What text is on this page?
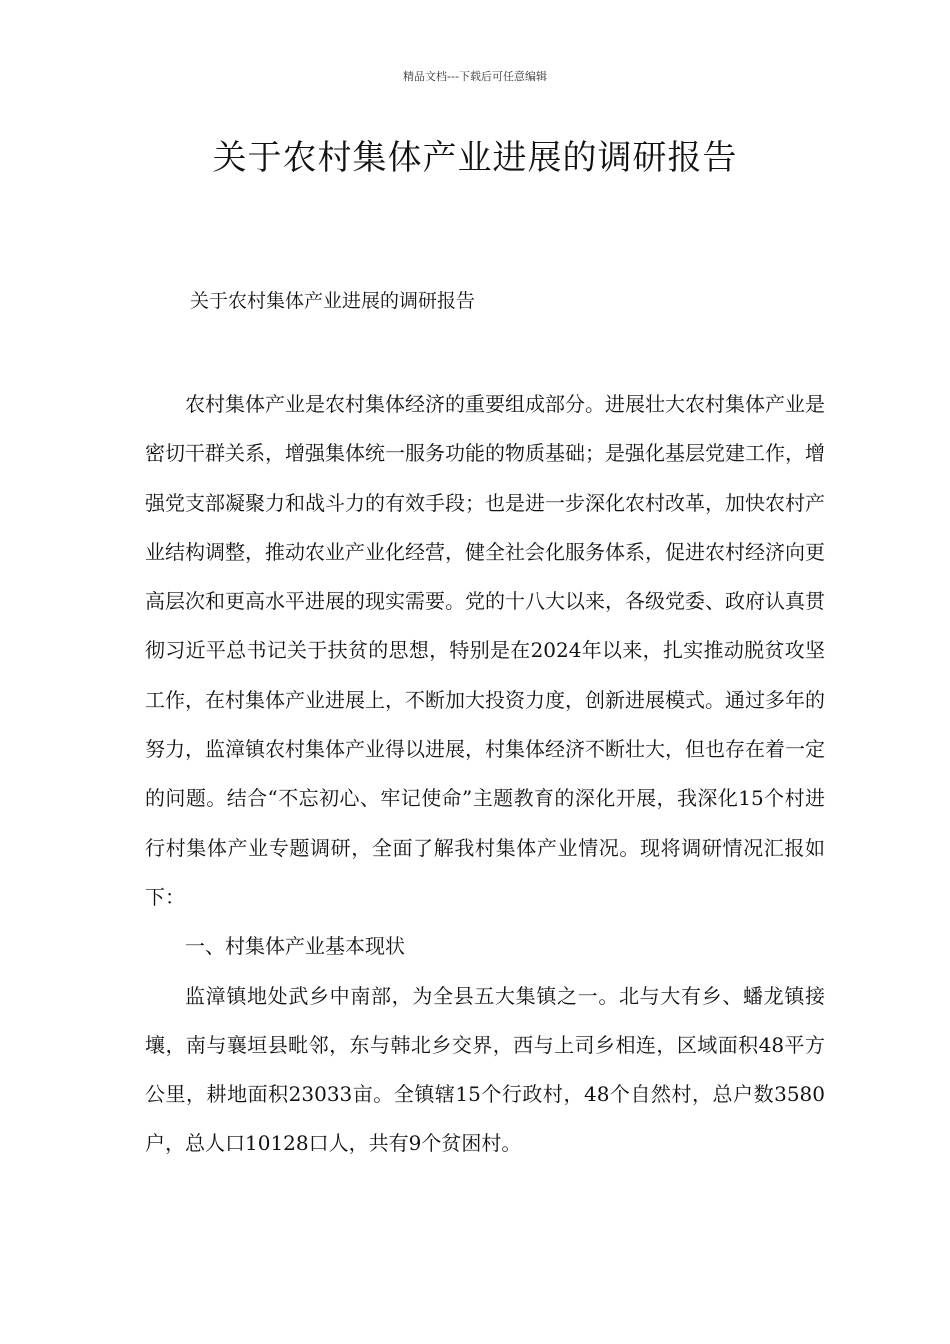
精品文档---下载后可任意编辑
关于农村集体产业进展的调研报告

关于农村集体产业进展的调研报告

农村集体产业是农村集体经济的重要组成部分。进展壮大农村集体产业是密切干群关系，增强集体统一服务功能的物质基础；是强化基层党建工作，增强党支部凝聚力和战斗力的有效手段；也是进一步深化农村改革，加快农村产业结构调整，推动农业产业化经营，健全社会化服务体系，促进农村经济向更高层次和更高水平进展的现实需要。党的十八大以来，各级党委、政府认真贯彻习近平总书记关于扶贫的思想，特别是在2024年以来，扎实推动脱贫攻坚工作，在村集体产业进展上，不断加大投资力度，创新进展模式。通过多年的努力，监漳镇农村集体产业得以进展，村集体经济不断壮大，但也存在着一定的问题。结合“不忘初心、牢记使命”主题教育的深化开展，我深化15个村进行村集体产业专题调研，全面了解我村集体产业情况。现将调研情况汇报如下：

一、村集体产业基本现状

监漳镇地处武乡中南部，为全县五大集镇之一。北与大有乡、蟠龙镇接壤，南与襄垣县毗邻，东与韩北乡交界，西与上司乡相连，区域面积48平方公里，耕地面积23033亩。全镇辖15个行政村，48个自然村，总户数3580户，总人口10128口人，共有9个贫困村。
